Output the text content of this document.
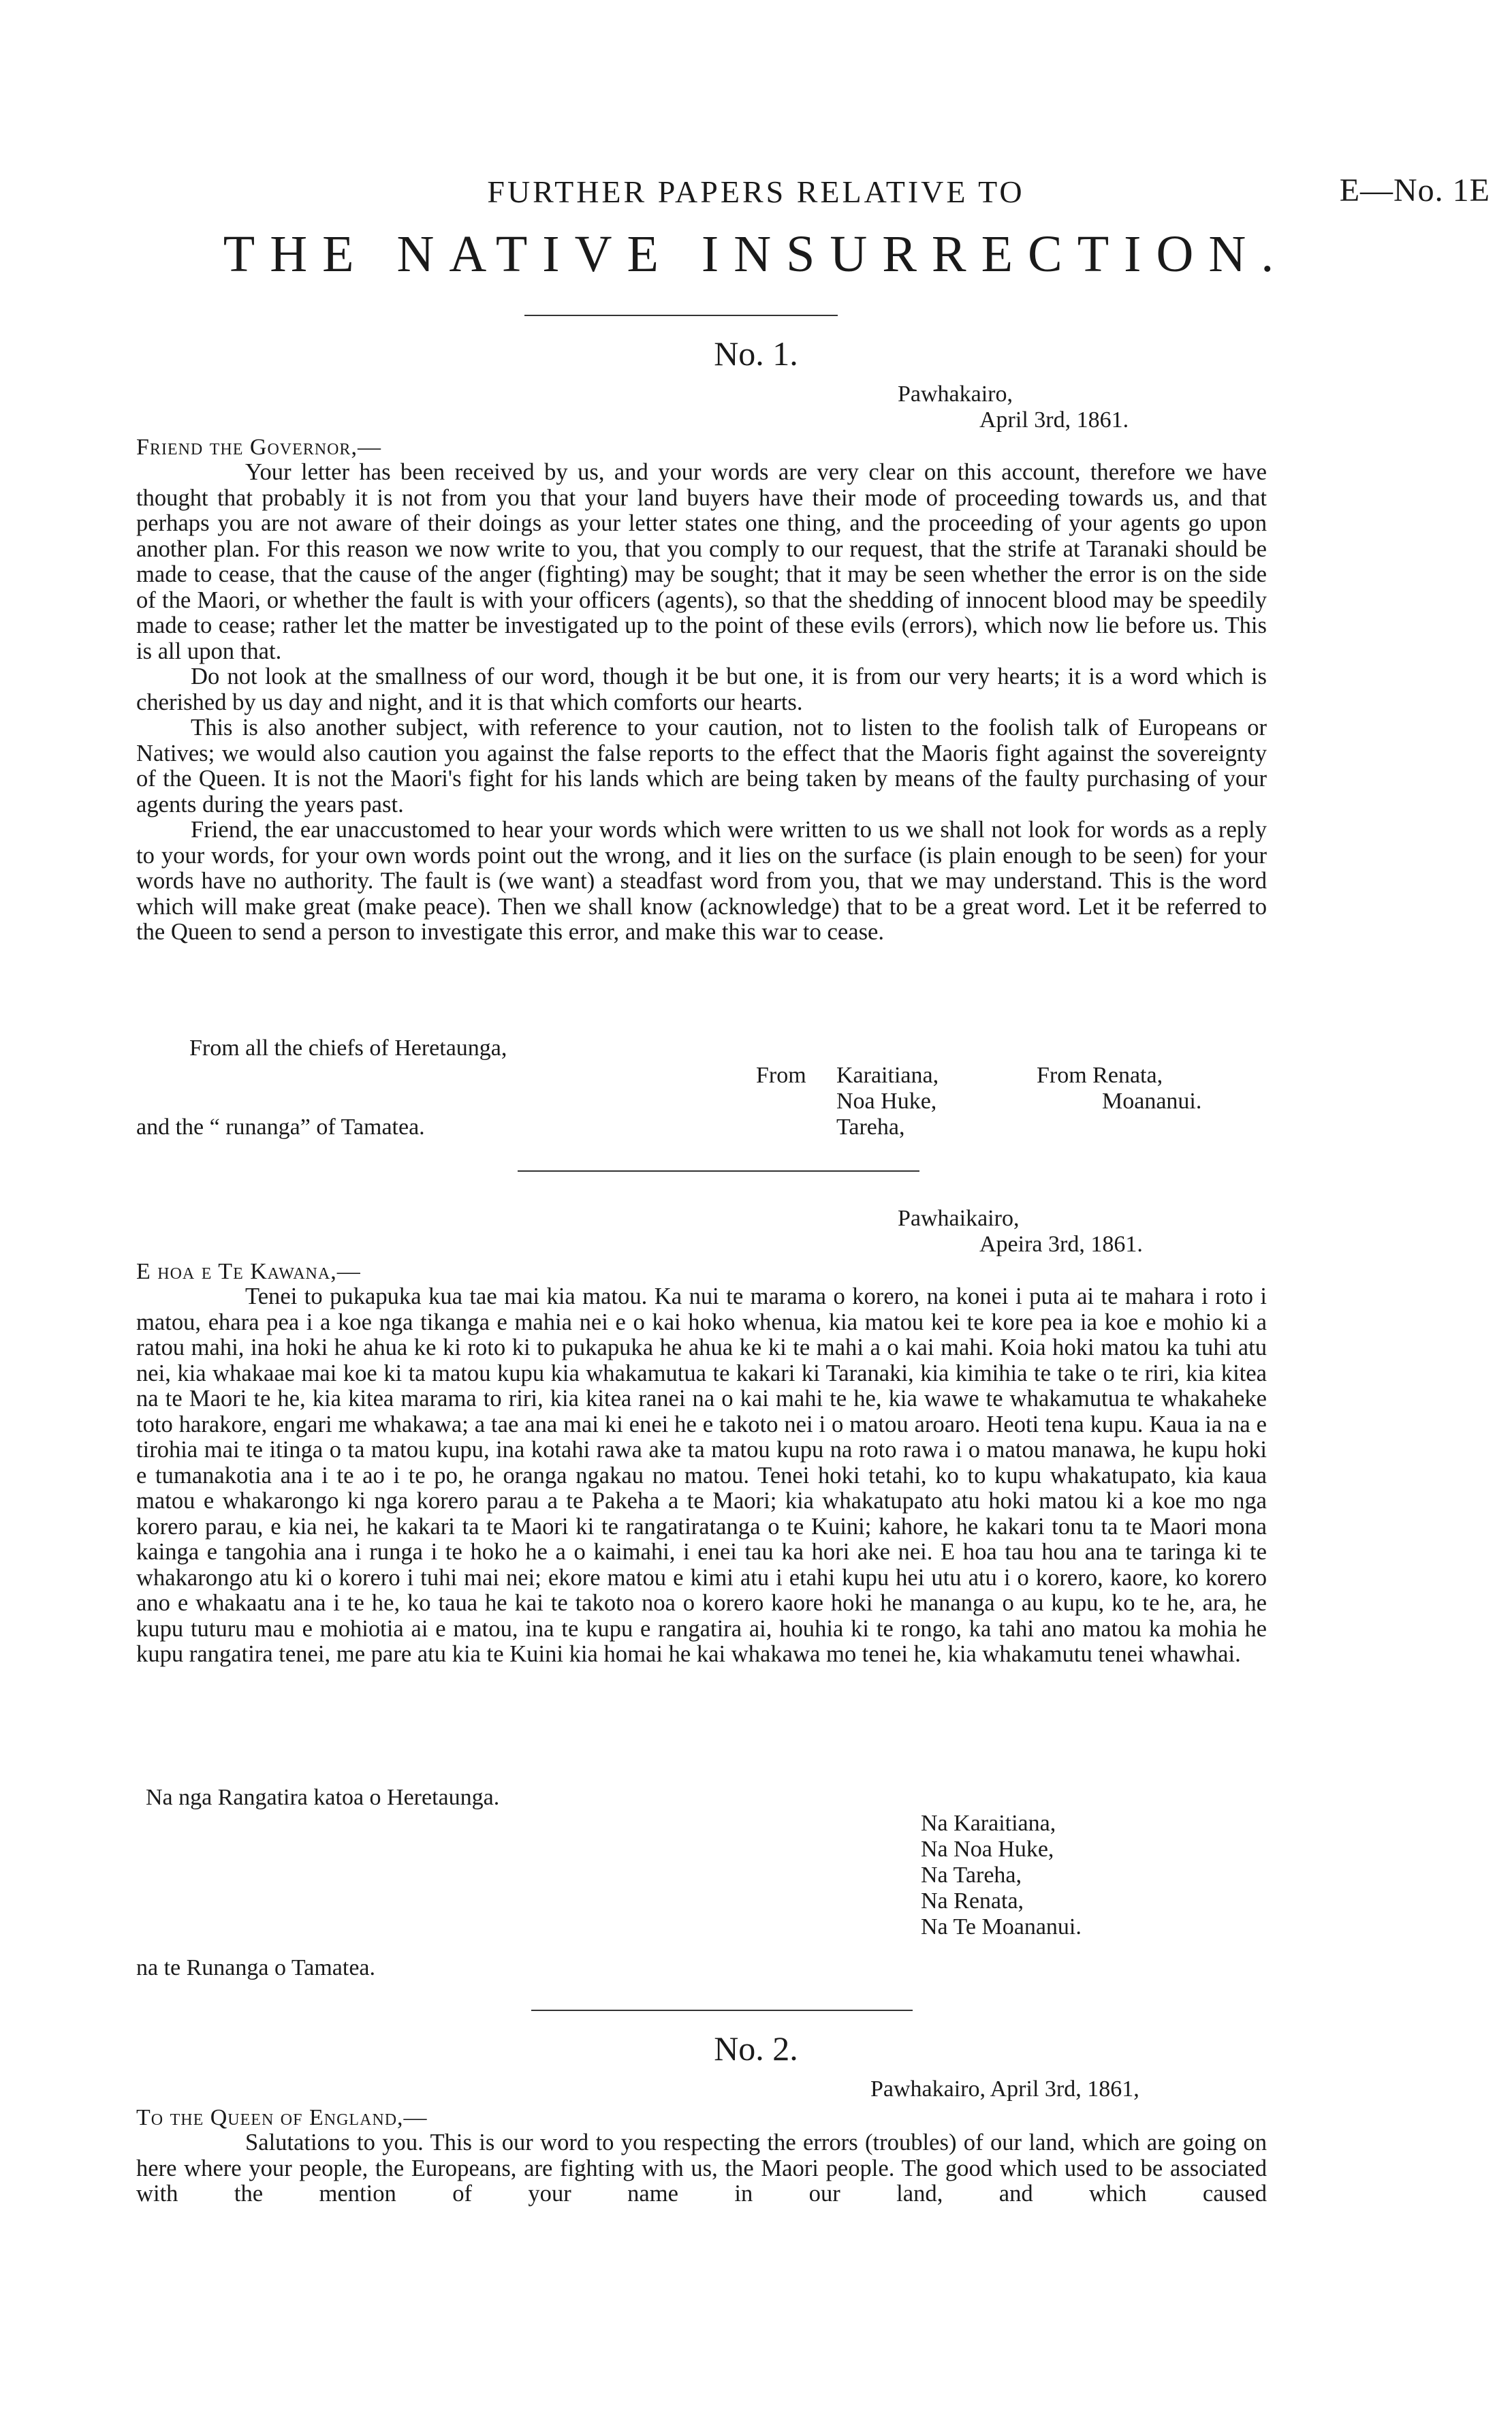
FURTHER PAPERS RELATIVE TO	E—No. 1E
THE NATIVE INSURRECTION.
No. 1.
Pawhakairo,
April 3rd, 1861.
Friend the Governor,—

Your letter has been received by us, and your words are very clear on this account, therefore we have thought that probably it is not from you that your land buyers have their mode of proceeding towards us, and that perhaps you are not aware of their doings as your letter states one thing, and the proceeding of your agents go upon another plan. For this reason we now write to you, that you comply to our request, that the strife at Taranaki should be made to cease, that the cause of the anger (fighting) may be sought; that it may be seen whether the error is on the side of the Maori, or whether the fault is with your officers (agents), so that the shedding of innocent blood may be speedily made to cease; rather let the matter be investigated up to the point of these evils (errors), which now lie before us. This is all upon that.

Do not look at the smallness of our word, though it be but one, it is from our very hearts; it is a word which is cherished by us day and night, and it is that which comforts our hearts.

This is also another subject, with reference to your caution, not to listen to the foolish talk of Europeans or Natives; we would also caution you against the false reports to the effect that the Maoris fight against the sovereignty of the Queen. It is not the Maori's fight for his lands which are being taken by means of the faulty purchasing of your agents during the years past.

Friend, the ear unaccustomed to hear your words which were written to us we shall not look for words as a reply to your words, for your own words point out the wrong, and it lies on the surface (is plain enough to be seen) for your words have no authority. The fault is (we want) a steadfast word from you, that we may understand. This is the word which will make great (make peace). Then we shall know (acknowledge) that to be a great word. Let it be referred to the Queen to send a person to investigate this error, and make this war to cease.

From all the chiefs of Heretaunga,
From Karaitiana,
Noa Huke,
Tareha,
From Renata,
Moananui.
and the “ runanga” of Tamatea.
Pawhaikairo,
Apeira 3rd, 1861.
E hoa e Te Kawana,—

Tenei to pukapuka kua tae mai kia matou. Ka nui te marama o korero, na konei i puta ai te mahara i roto i matou, ehara pea i a koe nga tikanga e mahia nei e o kai hoko whenua, kia matou kei te kore pea ia koe e mohio ki a ratou mahi, ina hoki he ahua ke ki roto ki to pukapuka he ahua ke ki te mahi a o kai mahi. Koia hoki matou ka tuhi atu nei, kia whakaae mai koe ki ta matou kupu kia whakamutua te kakari ki Taranaki, kia kimihia te take o te riri, kia kitea na te Maori te he, kia kitea marama to riri, kia kitea ranei na o kai mahi te he, kia wawe te whakamutua te whakaheke toto harakore, engari me whakawa; a tae ana mai ki enei he e takoto nei i o matou aroaro. Heoti tena kupu. Kaua ia na e tirohia mai te itinga o ta matou kupu, ina kotahi rawa ake ta matou kupu na roto rawa i o matou manawa, he kupu hoki e tumanakotia ana i te ao i te po, he oranga ngakau no matou. Tenei hoki tetahi, ko to kupu whakatupato, kia kaua matou e whakarongo ki nga korero parau a te Pakeha a te Maori; kia whakatupato atu hoki matou ki a koe mo nga korero parau, e kia nei, he kakari ta te Maori ki te rangatiratanga o te Kuini; kahore, he kakari tonu ta te Maori mona kainga e tangohia ana i runga i te hoko he a o kaimahi, i enei tau ka hori ake nei. E hoa tau hou ana te taringa ki te whakarongo atu ki o korero i tuhi mai nei; ekore matou e kimi atu i etahi kupu hei utu atu i o korero, kaore, ko korero ano e whakaatu ana i te he, ko taua he kai te takoto noa o korero kaore hoki he mananga o au kupu, ko te he, ara, he kupu tuturu mau e mohiotia ai e matou, ina te kupu e rangatira ai, houhia ki te rongo, ka tahi ano matou ka mohia he kupu rangatira tenei, me pare atu kia te Kuini kia homai he kai whakawa mo tenei he, kia whakamutu tenei whawhai.

Na nga Rangatira katoa o Heretaunga.
Na Karaitiana,
Na Noa Huke,
Na Tareha,
Na Renata,
Na Te Moananui.
na te Runanga o Tamatea.
No. 2.
Pawhakairo, April 3rd, 1861,
To the Queen of England,—

Salutations to you. This is our word to you respecting the errors (troubles) of our land, which are going on here where your people, the Europeans, are fighting with us, the Maori people. The good which used to be associated with the mention of your name in our land, and which caused
